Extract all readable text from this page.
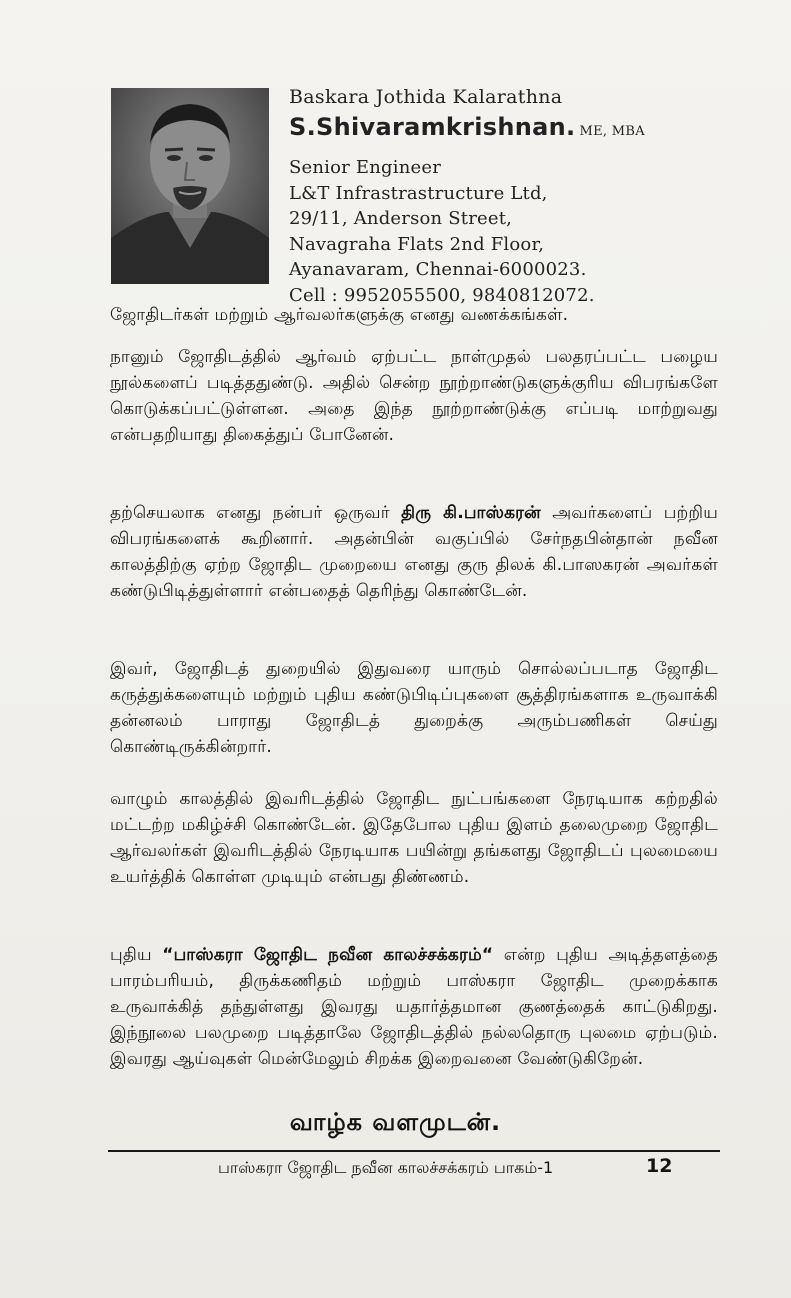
Baskara Jothida Kalarathna
S.Shivaramkrishnan. ME, MBA
Senior Engineer
L&T Infrastrastructure Ltd,
29/11, Anderson Street,
Navagraha Flats 2nd Floor,
Ayanavaram, Chennai-6000023.
Cell : 9952055500, 9840812072.
ஜோதிடர்கள் மற்றும் ஆர்வலர்களுக்கு எனது வணக்கங்கள்.
நானும் ஜோதிடத்தில் ஆர்வம் ஏற்பட்ட நாள்முதல் பலதரப்பட்ட பழைய நூல்களைப் படித்ததுண்டு. அதில் சென்ற நூற்றாண்டுகளுக்குரிய விபரங்களே கொடுக்கப்பட்டுள்ளன. அதை இந்த நூற்றாண்டுக்கு எப்படி மாற்றுவது என்பதறியாது திகைத்துப் போனேன்.
தற்செயலாக எனது நன்பர் ஒருவர் திரு கி.பாஸ்கரன் அவர்களைப் பற்றிய விபரங்களைக் கூறினார். அதன்பின் வகுப்பில் சேர்நதபின்தான் நவீன காலத்திற்கு ஏற்ற ஜோதிட முறையை எனது குரு திலக் கி.பாஸகரன் அவர்கள் கண்டுபிடித்துள்ளார் என்பதைத் தெரிந்து கொண்டேன்.
இவர், ஜோதிடத் துறையில் இதுவரை யாரும் சொல்லப்படாத ஜோதிட கருத்துக்களையும் மற்றும் புதிய கண்டுபிடிப்புகளை சூத்திரங்களாக உருவாக்கி தன்னலம் பாராது ஜோதிடத் துறைக்கு அரும்பணிகள் செய்து கொண்டிருக்கின்றார்.
வாழும் காலத்தில் இவரிடத்தில் ஜோதிட நுட்பங்களை நேரடியாக கற்றதில் மட்டற்ற மகிழ்ச்சி கொண்டேன். இதேபோல புதிய இளம் தலைமுறை ஜோதிட ஆர்வலர்கள் இவரிடத்தில் நேரடியாக பயின்று தங்களது ஜோதிடப் புலமையை உயர்த்திக் கொள்ள முடியும் என்பது திண்ணம்.
புதிய “பாஸ்கரா ஜோதிட நவீன காலச்சக்கரம்“ என்ற புதிய அடித்தளத்தை பாரம்பரியம், திருக்கணிதம் மற்றும் பாஸ்கரா ஜோதிட முறைக்காக உருவாக்கித் தந்துள்ளது இவரது யதார்த்தமான குணத்தைக் காட்டுகிறது. இந்நூலை பலமுறை படித்தாலே ஜோதிடத்தில் நல்லதொரு புலமை ஏற்படும். இவரது ஆய்வுகள் மென்மேலும் சிறக்க இறைவனை வேண்டுகிறேன்.
வாழ்க வளமுடன்.
பாஸ்கரா ஜோதிட நவீன காலச்சக்கரம் பாகம்-1	12
